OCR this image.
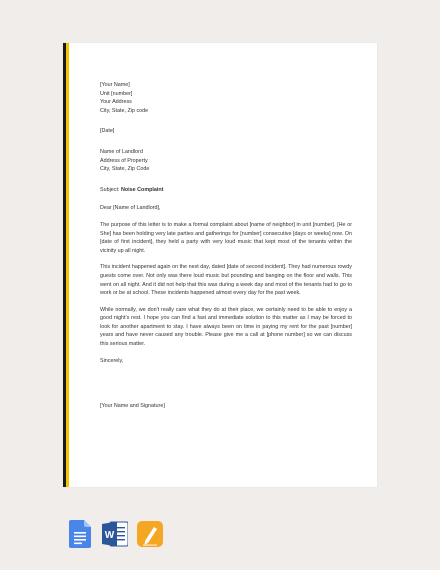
[Your Name]
Unit [number]
Your Address
City, State, Zip code
[Date]
Name of Landlord
Address of Property
City, State, Zip Code
Subject: Noise Complaint

Dear [Name of Landlord],

The purpose of this letter is to make a formal complaint about [name of neighbor] in unit [number]. [He or She] has been holding very late parties and gatherings for [number] consecutive [days or weeks] now. On [date of first incident], they held a party with very loud music that kept most of the tenants within the vicinity up all night.

This incident happened again on the next day, dated [date of second incident]. They had numerous rowdy guests come over. Not only was there loud music but pounding and banging on the floor and walls. This went on all night. And it did not help that this was during a week day and most of the tenants had to go to work or be at school. These incidents happened almost every day for the past week.

While normally, we don't really care what they do at their place, we certainly need to be able to enjoy a good night's rest. I hope you can find a fast and immediate solution to this matter as I may be forced to look for another apartment to stay. I have always been on time in paying my rent for the past [number] years and have never caused any trouble. Please give me a call at [phone number] so we can discuss this serious matter.

Sincerely,

[Your Name and Signature]

W
